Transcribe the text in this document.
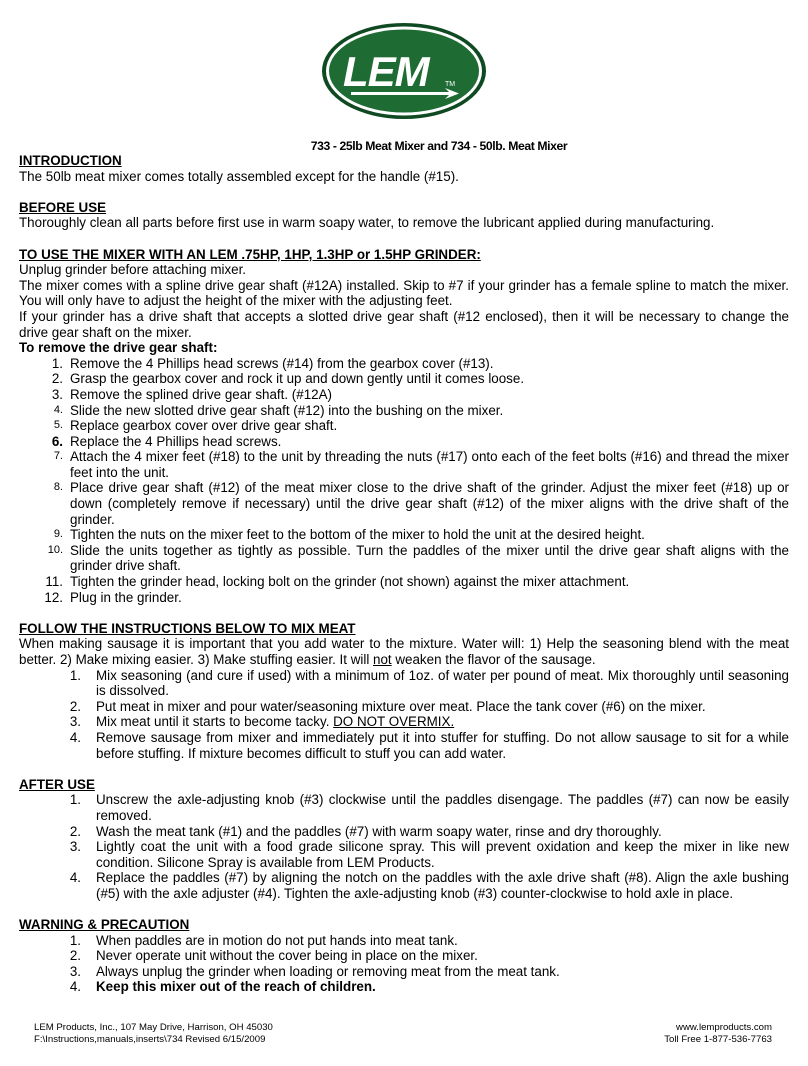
LEM TM
733 - 25lb Meat Mixer and 734 - 50lb. Meat Mixer
INTRODUCTION

The 50lb meat mixer comes totally assembled except for the handle (#15).

BEFORE USE

Thoroughly clean all parts before first use in warm soapy water, to remove the lubricant applied during manufacturing.

TO USE THE MIXER WITH AN LEM .75HP, 1HP, 1.3HP or 1.5HP GRINDER:

Unplug grinder before attaching mixer.

The mixer comes with a spline drive gear shaft (#12A) installed. Skip to #7 if your grinder has a female spline to match the mixer. You will only have to adjust the height of the mixer with the adjusting feet.

If your grinder has a drive shaft that accepts a slotted drive gear shaft (#12 enclosed), then it will be necessary to change the drive gear shaft on the mixer.

To remove the drive gear shaft:
1. Remove the 4 Phillips head screws (#14) from the gearbox cover (#13).
2. Grasp the gearbox cover and rock it up and down gently until it comes loose.
3. Remove the splined drive gear shaft. (#12A)
4. Slide the new slotted drive gear shaft (#12) into the bushing on the mixer.
5. Replace gearbox cover over drive gear shaft.
6. Replace the 4 Phillips head screws.
7. Attach the 4 mixer feet (#18) to the unit by threading the nuts (#17) onto each of the feet bolts (#16) and thread the mixer feet into the unit.
8. Place drive gear shaft (#12) of the meat mixer close to the drive shaft of the grinder. Adjust the mixer feet (#18) up or down (completely remove if necessary) until the drive gear shaft (#12) of the mixer aligns with the drive shaft of the grinder.
9. Tighten the nuts on the mixer feet to the bottom of the mixer to hold the unit at the desired height.
10. Slide the units together as tightly as possible. Turn the paddles of the mixer until the drive gear shaft aligns with the grinder drive shaft.
11. Tighten the grinder head, locking bolt on the grinder (not shown) against the mixer attachment.
12. Plug in the grinder.
FOLLOW THE INSTRUCTIONS BELOW TO MIX MEAT

When making sausage it is important that you add water to the mixture. Water will: 1) Help the seasoning blend with the meat better. 2) Make mixing easier. 3) Make stuffing easier. It will not weaken the flavor of the sausage.

1. Mix seasoning (and cure if used) with a minimum of 1oz. of water per pound of meat. Mix thoroughly until seasoning is dissolved.
2. Put meat in mixer and pour water/seasoning mixture over meat. Place the tank cover (#6) on the mixer.
3. Mix meat until it starts to become tacky. DO NOT OVERMIX.
4. Remove sausage from mixer and immediately put it into stuffer for stuffing. Do not allow sausage to sit for a while before stuffing. If mixture becomes difficult to stuff you can add water.
AFTER USE
1. Unscrew the axle-adjusting knob (#3) clockwise until the paddles disengage. The paddles (#7) can now be easily removed.
2. Wash the meat tank (#1) and the paddles (#7) with warm soapy water, rinse and dry thoroughly.
3. Lightly coat the unit with a food grade silicone spray. This will prevent oxidation and keep the mixer in like new condition. Silicone Spray is available from LEM Products.
4. Replace the paddles (#7) by aligning the notch on the paddles with the axle drive shaft (#8). Align the axle bushing (#5) with the axle adjuster (#4). Tighten the axle-adjusting knob (#3) counter-clockwise to hold axle in place.
WARNING & PRECAUTION
1. When paddles are in motion do not put hands into meat tank.
2. Never operate unit without the cover being in place on the mixer.
3. Always unplug the grinder when loading or removing meat from the meat tank.
4. Keep this mixer out of the reach of children.
LEM Products, Inc., 107 May Drive, Harrison, OH 45030
F:\Instructions,manuals,inserts\734 Revised 6/15/2009
www.lemproducts.com
Toll Free 1-877-536-7763
